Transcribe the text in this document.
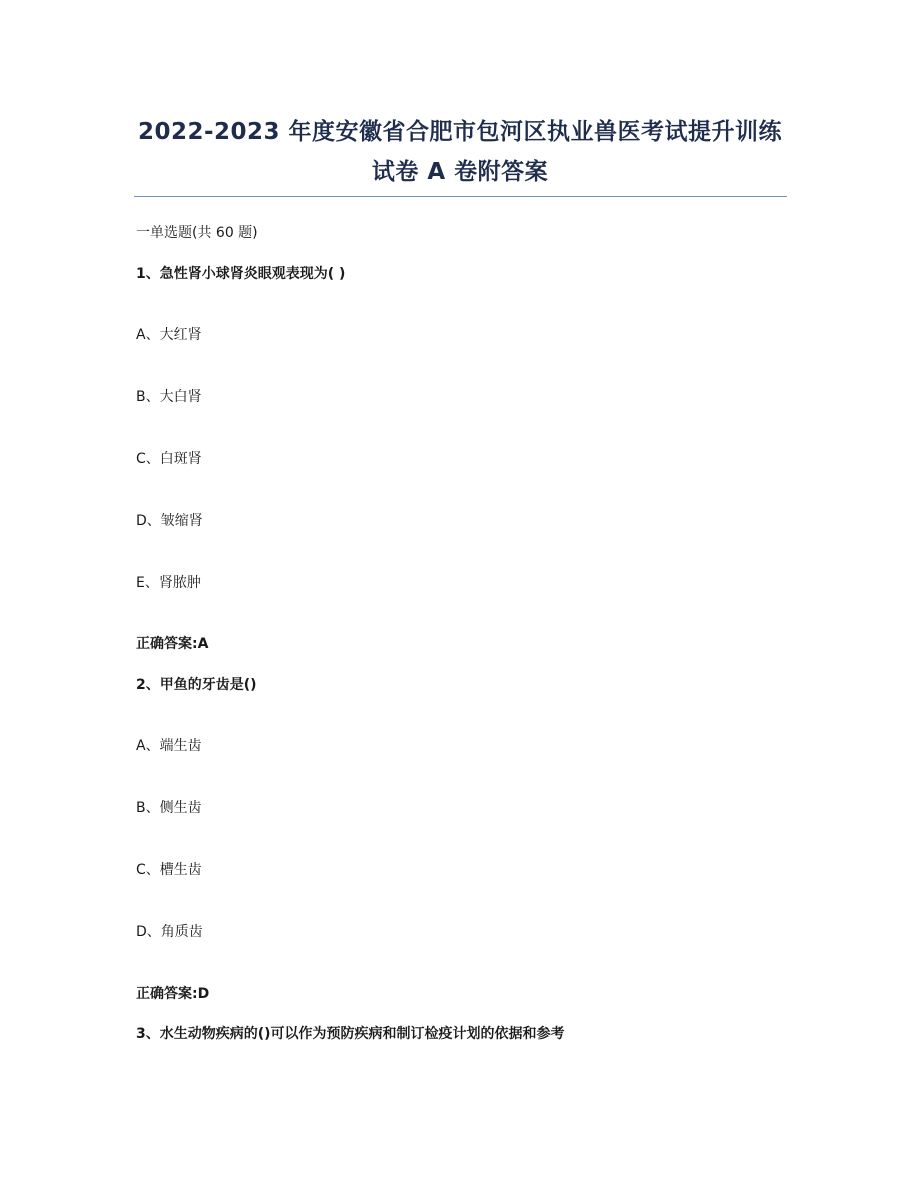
2022-2023 年度安徽省合肥市包河区执业兽医考试提升训练
试卷 A 卷附答案
一单选题(共 60 题)
1、急性肾小球肾炎眼观表现为( )
A、大红肾
B、大白肾
C、白斑肾
D、皱缩肾
E、肾脓肿
正确答案:A
2、甲鱼的牙齿是()
A、端生齿
B、侧生齿
C、槽生齿
D、角质齿
正确答案:D
3、水生动物疾病的()可以作为预防疾病和制订检疫计划的依据和参考
